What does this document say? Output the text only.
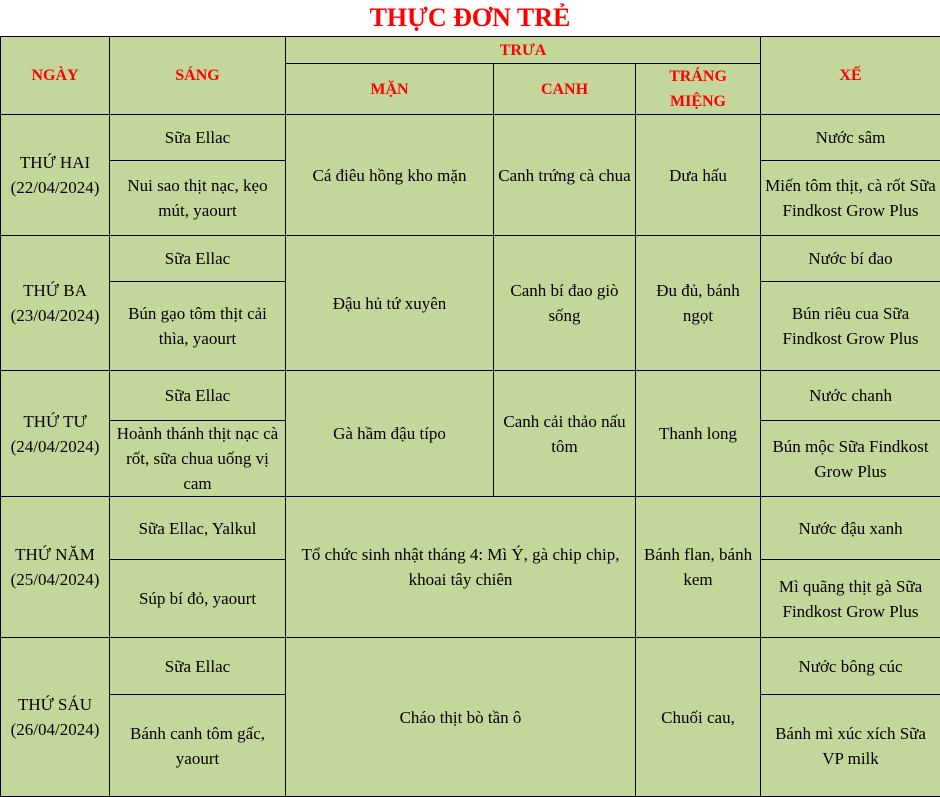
THỰC ĐƠN TRẺ
NGÀY	SÁNG	TRƯA			XẾ
		MẶN	CANH	TRÁNG MIỆNG	

THỨ HAI
(22/04/2024)	Sữa Ellac	Cá điêu hồng kho mặn	Canh trứng cà chua	Dưa hấu	Nước sâm
	Nui sao thịt nạc, kẹo mút, yaourt				Miến tôm thịt, cà rốt Sữa Findkost Grow Plus

THỨ BA
(23/04/2024)	Sữa Ellac	Đậu hủ tứ xuyên	Canh bí đao giò sống	Đu đủ, bánh ngọt	Nước bí đao
	Bún gạo tôm thịt cải thìa, yaourt				Bún riêu cua Sữa Findkost Grow Plus

THỨ TƯ
(24/04/2024)	Sữa Ellac	Gà hầm đậu típo	Canh cải thảo nấu tôm	Thanh long	Nước chanh
	Hoành thánh thịt nạc cà rốt, sữa chua uống vị cam				Bún mộc Sữa Findkost Grow Plus

THỨ NĂM
(25/04/2024)	Sữa Ellac, Yalkul	Tổ chức sinh nhật tháng 4: Mì Ý, gà chip chip, khoai tây chiên		Bánh flan, bánh kem	Nước đậu xanh
	Súp bí đỏ, yaourt				Mì quãng thịt gà Sữa Findkost Grow Plus

THỨ SÁU
(26/04/2024)	Sữa Ellac	Cháo thịt bò tần ô		Chuối cau,	Nước bông cúc
	Bánh canh tôm gấc, yaourt				Bánh mì xúc xích Sữa VP milk
